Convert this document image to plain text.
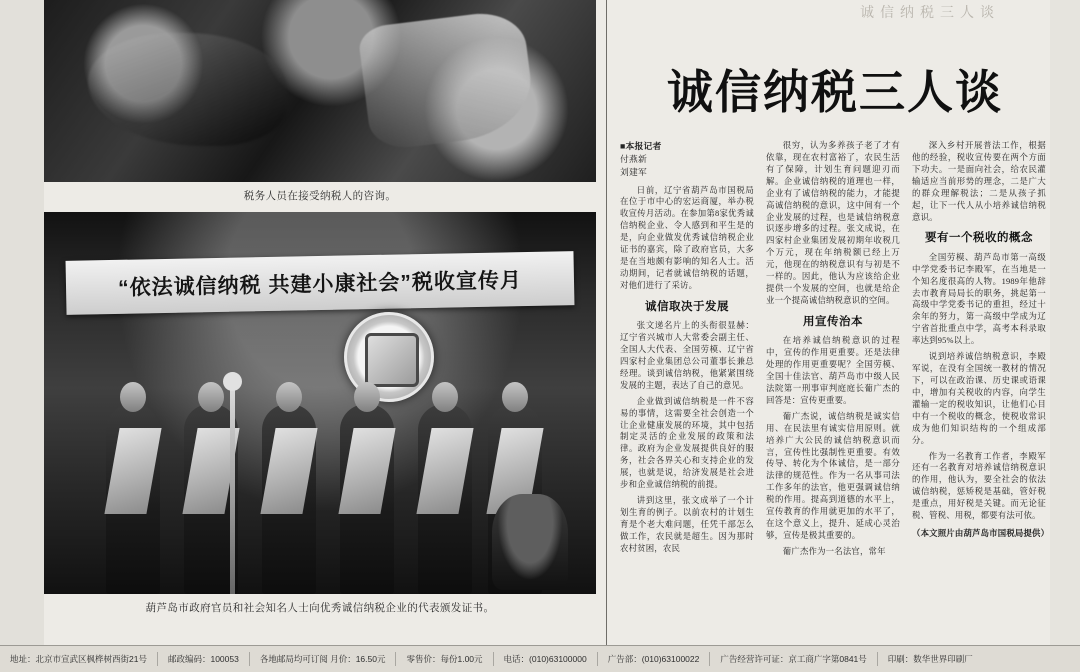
税务人员在接受纳税人的咨询。
“依法诚信纳税 共建小康社会”税收宣传月
葫芦岛市政府官员和社会知名人士向优秀诚信纳税企业的代表颁发证书。
诚信纳税三人谈
诚信纳税三人谈
■本报记者
付燕新
刘建军

日前，辽宁省葫芦岛市国税局在位于市中心的宏运商厦，举办税收宣传月活动。在参加第8家优秀诚信纳税企业、令人感到和平生是的是，向企业做发优秀诚信纳税企业证书的嘉宾，除了政府官员，大多是在当地颇有影响的知名人士。活动期间，记者就诚信纳税的话题，对他们进行了采访。

诚信取决于发展

张文递名片上的头衔很显赫：辽宁省兴城市人大常委会副主任、全国人大代表、全国劳模、辽宁省四家村企业集团总公司董事长兼总经理。谈到诚信纳税，他紧紧围绕发展的主题，表达了自己的意见。

企业做到诚信纳税是一件不容易的事情，这需要全社会创造一个让企业健康发展的环境，其中包括制定灵活的企业发展的政策和法律。政府为企业发展提供良好的服务，社会各界关心和支持企业的发展，也就是说，给济发展是社会进步和企业诚信纳税的前提。

讲到这里，张文成举了一个计划生育的例子。以前农村的计划生育是个老大难问题，任凭千部怎么做工作，农民就是超生。因为那时农村贫困，农民

很穷，认为多养孩子老了才有依靠，现在农村富裕了，农民生活有了保障，计划生育问题迎刃而解。企业诚信纳税的道理也一样，企业有了诚信纳税的能力，才能提高诚信纳税的意识，这中间有一个企业发展的过程，也是诚信纳税意识逐步增多的过程。张文成说，在四家村企业集团发展初期年收税几个万元，现在年纳税额已经上万元，他现在的纳税意识有与初是不一样的。因此，他认为应该给企业提供一个发展的空间，也就是给企业一个提高诚信纳税意识的空间。

用宣传治本

在培养诚信纳税意识的过程中，宣传的作用更重要。还是法律处理的作用更重要呢？全国劳模、全国十佳法官、葫芦岛市中级人民法院第一刑事审判庭庭长葡广杰的回答是：宣传更重要。

葡广杰说，诚信纳税是诚实信用、在民法里有诚实信用原则。就培养广大公民的诚信纳税意识而言，宣传性比强制性更重要。有效传导、转化为个体诚信，是一部分法律的规范性。作为一名从事司法工作多年的法官，他更强调诚信纳税的作用。提高到道德的水平上，宣传教育的作用就更加的水平了，在这个意义上，提升、延成心灵治够，宣传是极其重要的。

葡广杰作为一名法官，常年

深入乡村开展普法工作，根据他的经验，税收宣传要在两个方面下功夫。一是面向社会，给农民灌输适应当前形势的理念，二是广大的群众理解税法；二是从孩子抓起，让下一代人从小培养诚信纳税意识。

要有一个税收的概念

全国劳模、葫芦岛市第一高级中学党委书记李殿军，在当地是一个知名度很高的人物。1989年他辞去市教育局局长的职务，挑起第一高级中学党委书记的重担，经过十余年的努力，第一高级中学成为辽宁省首批重点中学，高考本科录取率达到95%以上。

说到培养诚信纳税意识，李殿军说，在没有全国统一教材的情况下，可以在政治课、历史课或语课中，增加有关税收的内容，向学生灌输一定的税收知识，让他们心目中有一个税收的概念，使税收常识成为他们知识结构的一个组成部分。

作为一名教育工作者，李殿军还有一名教育对培养诚信纳税意识的作用，他认为，要全社会的依法诚信纳税，惩矫税是基础，管好税是重点，用好税是关键。而无论征税、管税、用税，都要有法可依。

（本文照片由葫芦岛市国税局提供）

地址：北京市宣武区枫桦树西街21号	邮政编码：100053	各地邮局均可订阅 月价：16.50元	零售价：每份1.00元	电话：(010)63100000	广告部：(010)63100022	广告经营许可证：京工商广字第0841号	印刷：数华世界印刷厂
